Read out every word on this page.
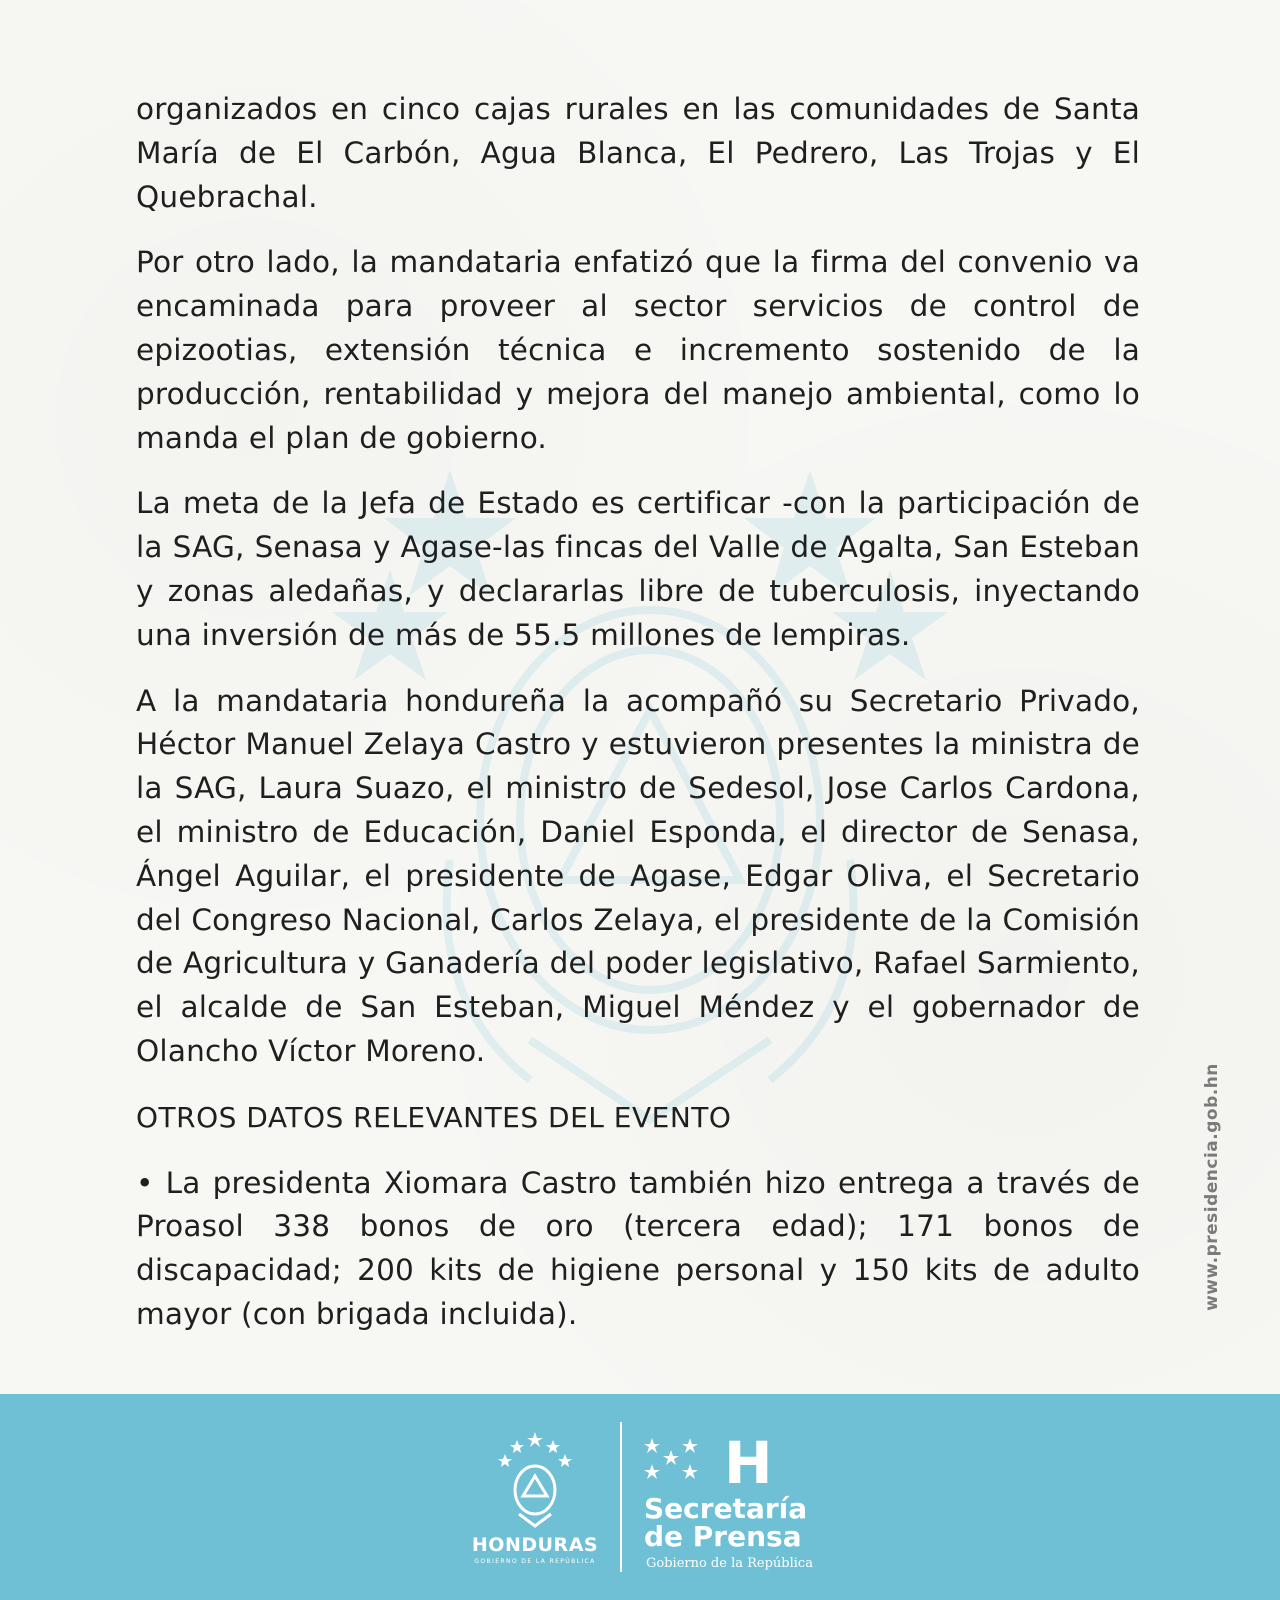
organizados en cinco cajas rurales en las comunidades de Santa María de El Carbón, Agua Blanca, El Pedrero, Las Trojas y El Quebrachal.

Por otro lado, la mandataria enfatizó que la firma del convenio va encaminada para proveer al sector servicios de control de epizootias, extensión técnica e incremento sostenido de la producción, rentabilidad y mejora del manejo ambiental, como lo manda el plan de gobierno.

La meta de la Jefa de Estado es certificar -con la participación de la SAG, Senasa y Agase-las fincas del Valle de Agalta, San Esteban y zonas aledañas, y declararlas libre de tuberculosis, inyectando una inversión de más de 55.5 millones de lempiras.

A la mandataria hondureña la acompañó su Secretario Privado, Héctor Manuel Zelaya Castro y estuvieron presentes la ministra de la SAG, Laura Suazo, el ministro de Sedesol, Jose Carlos Cardona, el ministro de Educación, Daniel Esponda, el director de Senasa, Ángel Aguilar, el presidente de Agase, Edgar Oliva, el Secretario del Congreso Nacional, Carlos Zelaya, el presidente de la Comisión de Agricultura y Ganadería del poder legislativo, Rafael Sarmiento, el alcalde de San Esteban, Miguel Méndez y el gobernador de Olancho Víctor Moreno.

OTROS DATOS RELEVANTES DEL EVENTO

• La presidenta Xiomara Castro también hizo entrega a través de Proasol 338 bonos de oro (tercera edad); 171 bonos de discapacidad; 200 kits de higiene personal y 150 kits de adulto mayor (con brigada incluida).

www.presidencia.gob.hn
HONDURAS
GOBIERNO DE LA REPÚBLICA
H
Secretaría
de Prensa
Gobierno de la República
